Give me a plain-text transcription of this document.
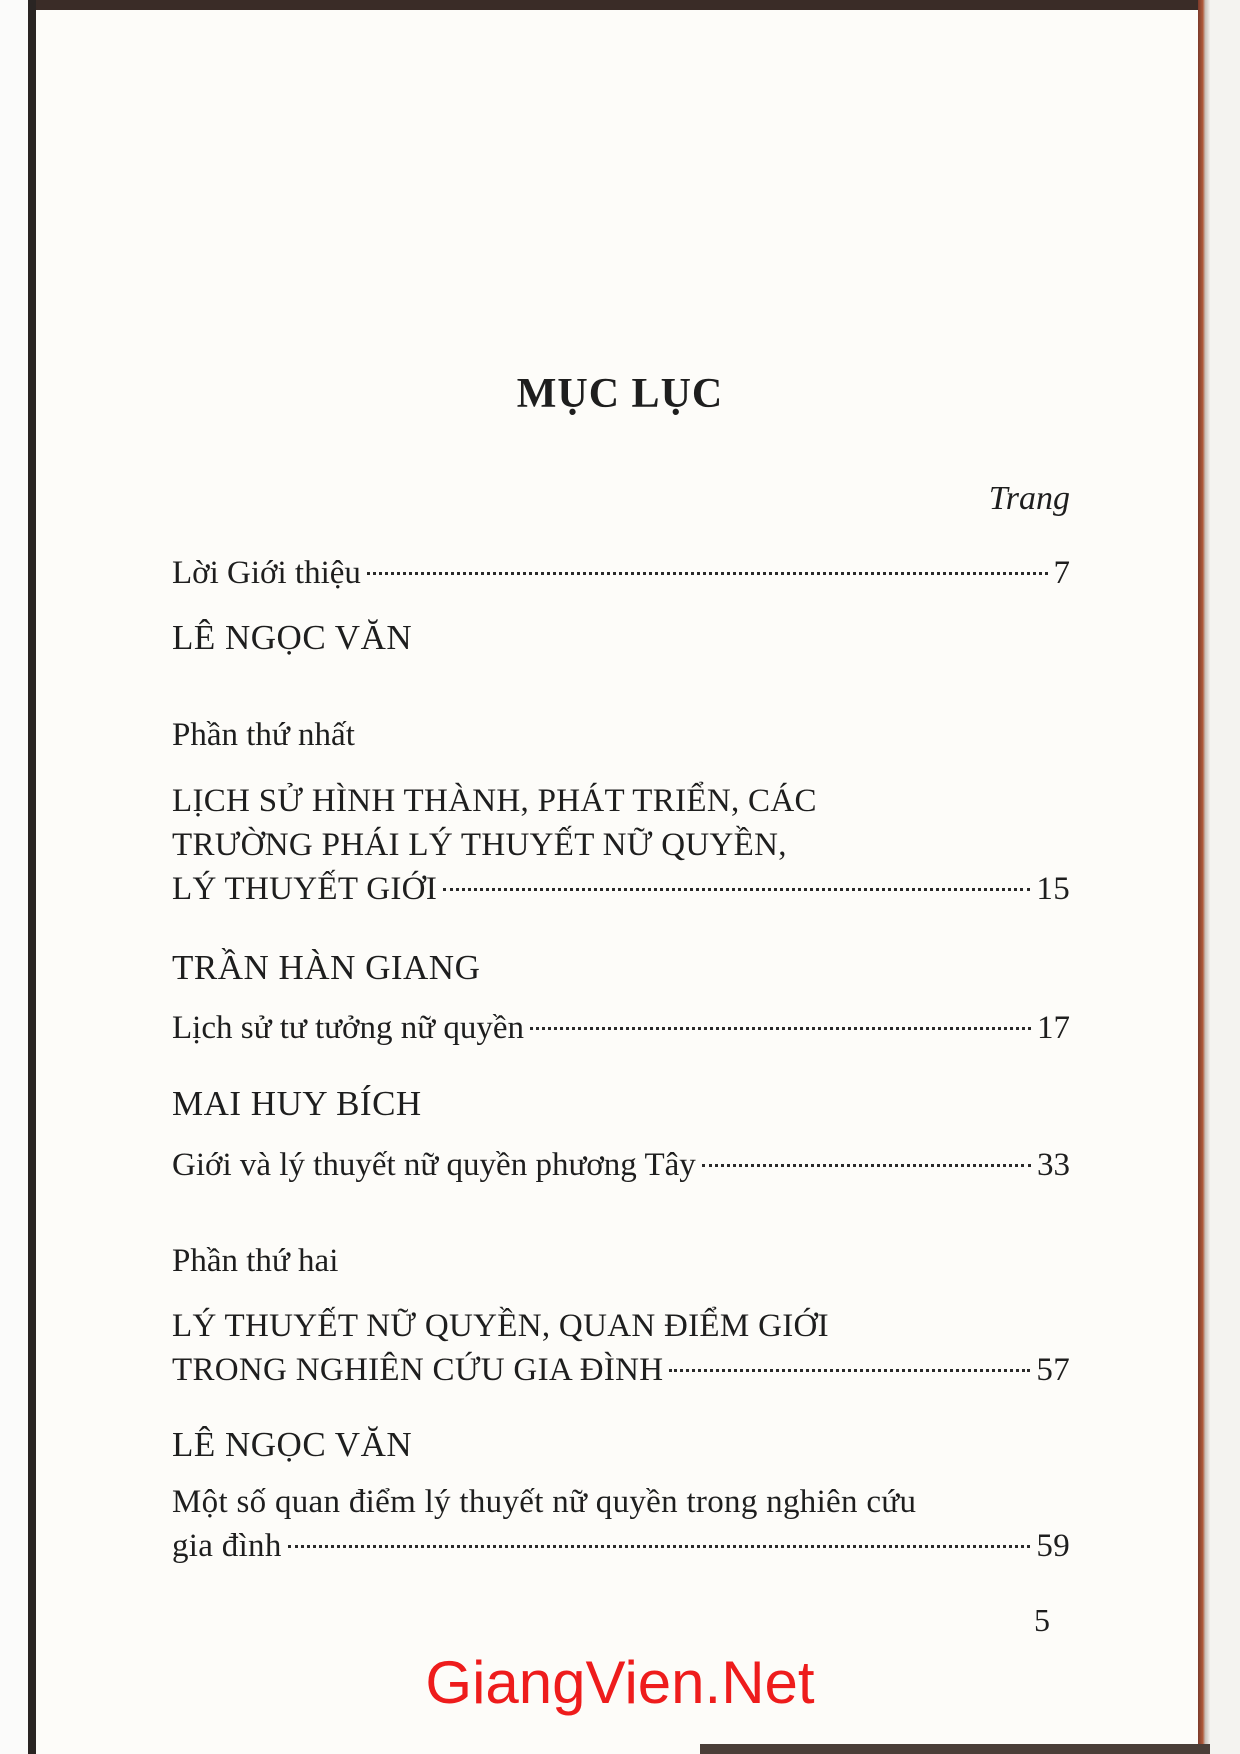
MỤC LỤC
Trang
Lời Giới thiệu	7
LÊ NGỌC VĂN
Phần thứ nhất
LỊCH SỬ HÌNH THÀNH, PHÁT TRIỂN, CÁC
TRƯỜNG PHÁI LÝ THUYẾT NỮ QUYỀN,
LÝ THUYẾT GIỚI	15
TRẦN HÀN GIANG
Lịch sử tư tưởng nữ quyền	17
MAI HUY BÍCH
Giới và lý thuyết nữ quyền phương Tây	33
Phần thứ hai
LÝ THUYẾT NỮ QUYỀN, QUAN ĐIỂM GIỚI
TRONG NGHIÊN CỨU GIA ĐÌNH	57
LÊ NGỌC VĂN
Một số quan điểm lý thuyết nữ quyền trong nghiên cứu
gia đình	59
5
GiangVien.Net
